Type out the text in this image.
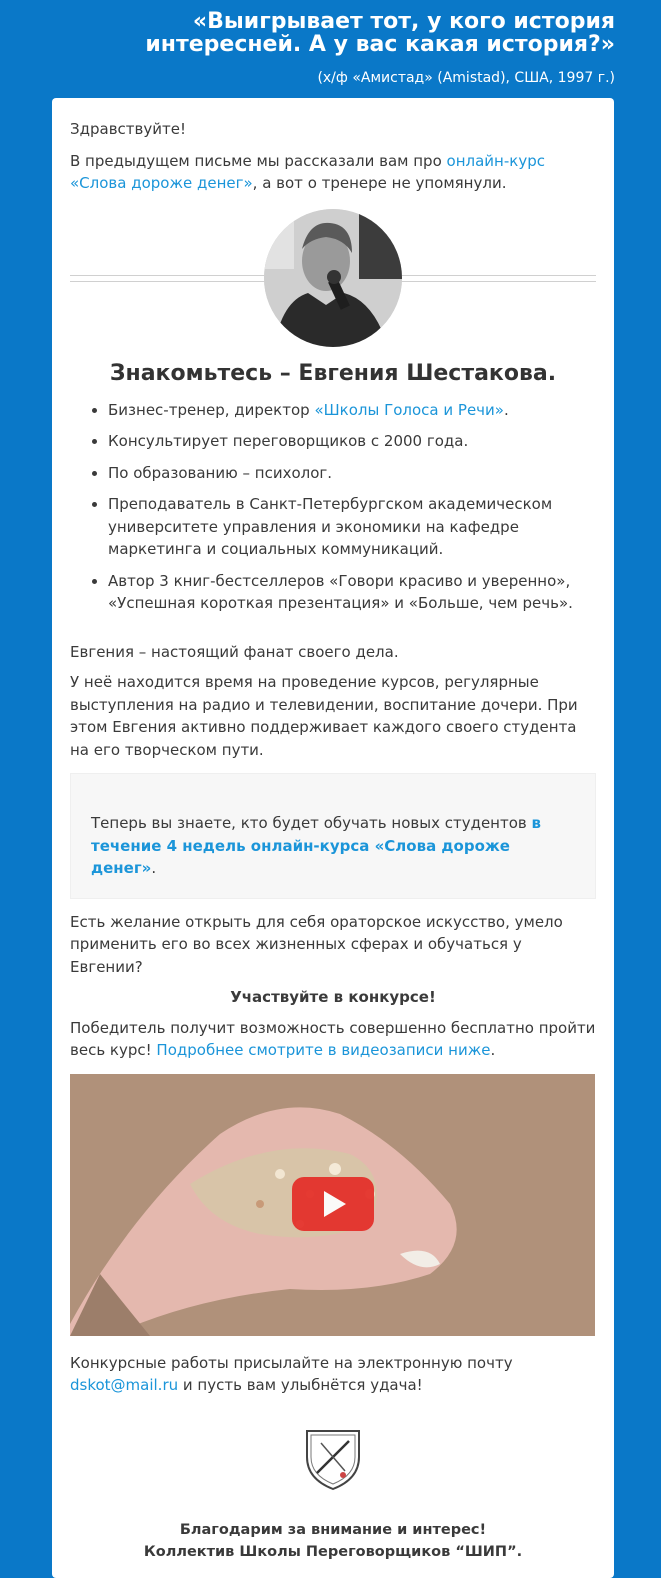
«Выигрывает тот, у кого история
интересней. А у вас какая история?»

(х/ф «Амистад» (Amistad), США, 1997 г.)

Здравствуйте!

В предыдущем письме мы рассказали вам про онлайн-курс «Слова дороже денег», а вот о тренере не упомянули.

Знакомьтесь – Евгения Шестакова.
• Бизнес-тренер, директор «Школы Голоса и Речи».
• Консультирует переговорщиков с 2000 года.
• По образованию – психолог.
• Преподаватель в Санкт-Петербургском академическом университете управления и экономики на кафедре маркетинга и социальных коммуникаций.
• Автор 3 книг-бестселлеров «Говори красиво и уверенно», «Успешная короткая презентация» и «Больше, чем речь».

Евгения – настоящий фанат своего дела.

У неё находится время на проведение курсов, регулярные выступления на радио и телевидении, воспитание дочери. При этом Евгения активно поддерживает каждого своего студента на его творческом пути.

Теперь вы знаете, кто будет обучать новых студентов в течение 4 недель онлайн-курса «Слова дороже денег».

Есть желание открыть для себя ораторское искусство, умело применить его во всех жизненных сферах и обучаться у Евгении?

Участвуйте в конкурсе!

Победитель получит возможность совершенно бесплатно пройти весь курс! Подробнее смотрите в видеозаписи ниже.

Конкурсные работы присылайте на электронную почту dskot@mail.ru и пусть вам улыбнётся удача!

Благодарим за внимание и интерес!
Коллектив Школы Переговорщиков “ШИП”.
